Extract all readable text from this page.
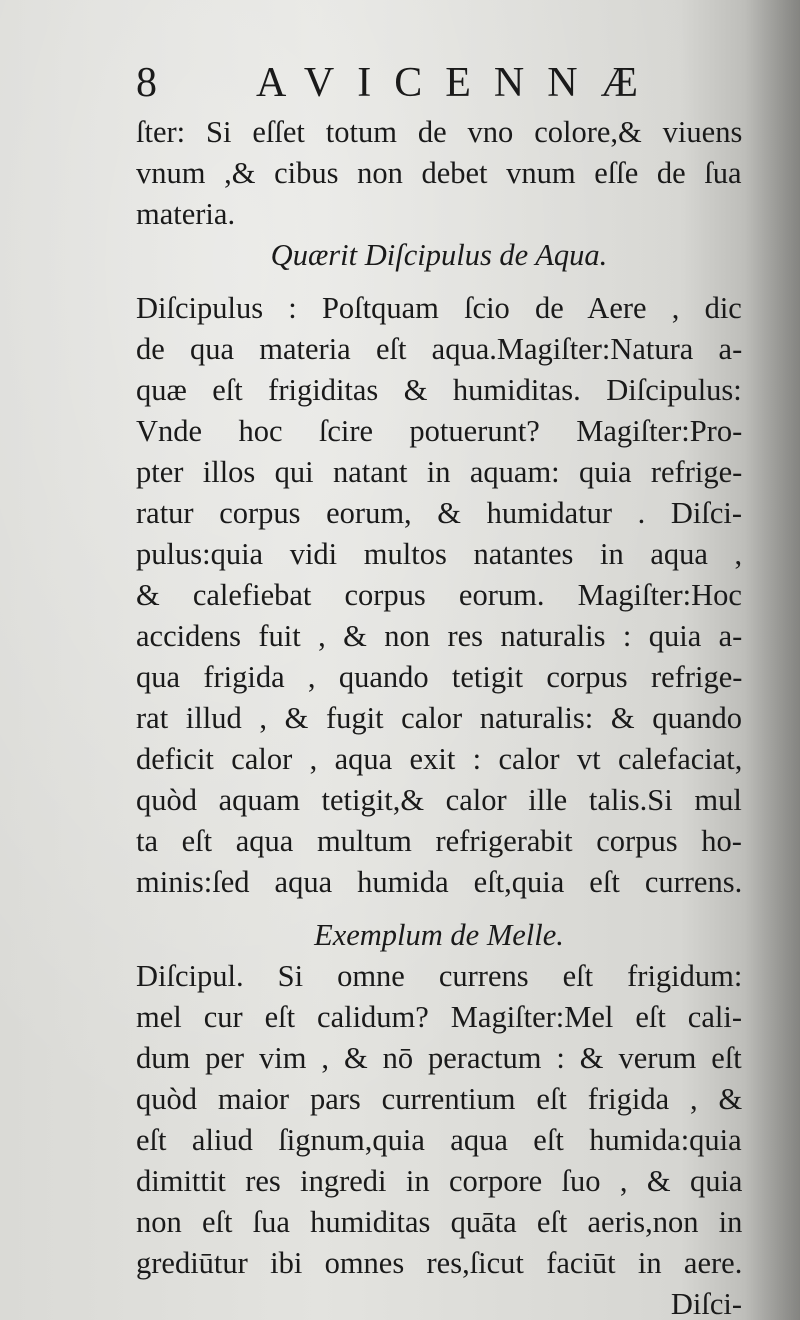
8 AVICENNÆ
ſter: Si eſſet totum de vno colore,& viuens
vnum ,& cibus non debet vnum eſſe de ſua
materia.
Quærit Diſcipulus de Aqua.
Diſcipulus : Poſtquam ſcio de Aere , dic
de qua materia eſt aqua.Magiſter:Natura a-
quæ eſt frigiditas & humiditas. Diſcipulus:
Vnde hoc ſcire potuerunt? Magiſter:Pro-
pter illos qui natant in aquam: quia refrige-
ratur corpus eorum, & humidatur . Diſci-
pulus:quia vidi multos natantes in aqua ,
& calefiebat corpus eorum. Magiſter:Hoc
accidens fuit , & non res naturalis : quia a-
qua frigida , quando tetigit corpus refrige-
rat illud , & fugit calor naturalis: & quando
deficit calor , aqua exit : calor vt calefaciat,
quòd aquam tetigit,& calor ille talis.Si mul
ta eſt aqua multum refrigerabit corpus ho-
minis:ſed aqua humida eſt,quia eſt currens.
Exemplum de Melle.
Diſcipul. Si omne currens eſt frigidum:
mel cur eſt calidum? Magiſter:Mel eſt cali-
dum per vim , & nō peractum : & verum eſt
quòd maior pars currentium eſt frigida , &
eſt aliud ſignum,quia aqua eſt humida:quia
dimittit res ingredi in corpore ſuo , & quia
non eſt ſua humiditas quāta eſt aeris,non in
grediūtur ibi omnes res,ſicut faciūt in aere.
Diſci-
